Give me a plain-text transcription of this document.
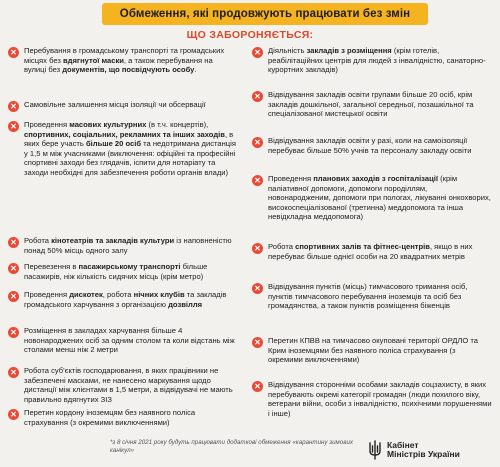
Обмеження, які продовжують працювати без змін
ЩО ЗАБОРОНЯЄТЬСЯ:
✕ Перебування в громадському транспорті та громадських місцях без вдягнутої маски, а також перебування на вулиці без документів, що посвідчують особу.
✕ Самовільне залишення місця ізоляції чи обсервації
✕ Проведення масових культурних (в т.ч. концертів), спортивних, соціальних, рекламних та інших заходів, в яких бере участь більше 20 осіб та недотримана дистанція у 1,5 м між учасниками (виключення: офіційні та професійні спортивні заходи без глядачів, іспити для нотаріату та заходи необхідні для забезпечення роботи органів влади)
✕ Робота кінотеатрів та закладів культури із наповненістю понад 50% місць одного залу
✕ Перевезення в пасажирському транспорті більше пасажирів, ніж кількість сидячих місць (крім метро)
✕ Проведення дискотек, робота нічних клубів та закладів громадського харчування з організацією дозвілля
✕ Розміщення в закладах харчування більше 4 новонароджених осіб за одним столом та коли відстань між столами менш ніж 2 метри
✕ Робота суб'єктів господарювання, в яких працівники не забезпечені масками, не нанесено маркування щодо дистанції між клієнтами в 1,5 метри, а відвідувачі не мають правильно вдягнутих ЗІЗ
✕ Перетин кордону іноземцям без наявного поліса страхування (з окремими виключеннями)
✕ Діяльність закладів з розміщення (крім готелів, реабілітаційних центрів для людей з інвалідністю, санаторно-курортних закладів)
✕ Відвідування закладів освіти групами більше 20 осіб, крім закладів дошкільної, загальної середньої, позашкільної та спеціалізованої мистецької освіти
✕ Відвідування закладів освіти у разі, коли на самоізоляції перебуває більше 50% учнів та персоналу закладу освіти
✕ Проведення планових заходів з госпіталізації (крім паліативної допомоги, допомоги породіллям, новонародженим, допомоги при пологах, лікуванні онкохворих, високоспеціалізованої (третинна) меддопомога та інша невідкладна меддопомога)
✕ Робота спортивних залів та фітнес-центрів, якщо в них перебуває більше однієї особи на 20 квадратних метрів
✕ Відвідування пунктів (місць) тимчасового тримання осіб, пунктів тимчасового перебування іноземців та осіб без громадянства, а також пунктів розміщення біженців
✕ Перетин КПВВ на тимчасово окуповані території ОРДЛО та Крим іноземцями без наявного поліса страхування (з окремими виключеннями)
✕ Відвідування сторонніми особами закладів соцзахисту, в яких перебувають окремі категорії громадян (люди похилого віку, ветерани війни, особи з інвалідністю, психічними порушеннями і інше)
*з 8 січня 2021 року будуть працювати додаткові обмеження «карантину зимових канікул»
Кабінет
Міністрів України
